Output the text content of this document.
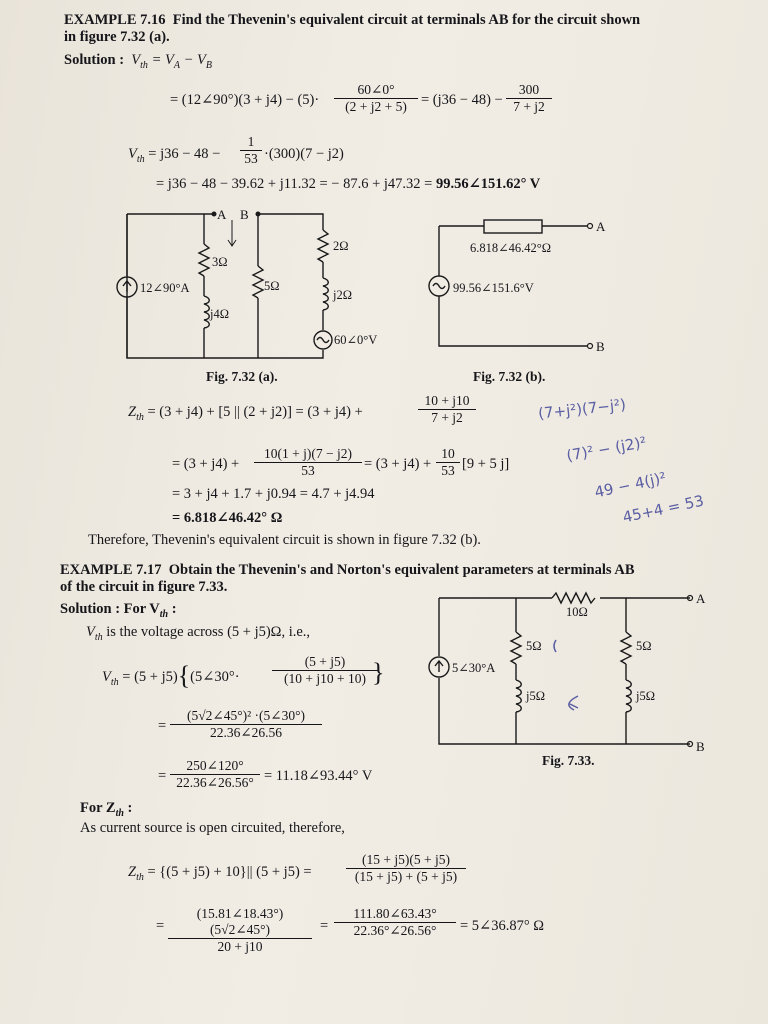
EXAMPLE 7.16 Find the Thevenin's equivalent circuit at terminals AB for the circuit shown
in figure 7.32 (a).
Solution : $V_{th} = V_A - V_B$
= (12∠90°)(3 + $j4) - (5)\cdot \frac{60\angle 0^\circ}{(2 + j2 + 5)} = (j36 - 48) - \frac{300}{7 + j2}$
$V_{th} = j36 - 48 - \frac{1}{53} \cdot(300)(7 - j2)$
= j36 − 48 − 39.62 + j11.32 = − 87.6 + j47.32 = 99.56∠151.62° V
A B
3Ω
12∠90°A
j4Ω
5Ω
2Ω
j2Ω
60∠0°V
Fig. 7.32 (a).
A
B
6.818∠46.42°Ω
99.56∠151.6°V
Fig. 7.32 (b).
$Z_{th} = (3 + j4) + [5$ || (2 + j2)] = (3 + j4) +	$\frac{10 + j10}{7 + j2}$
= $(3 + j4) + \frac{10(1 + j)(7 - j2)}{53} = (3 + j4) + \frac{10}{53} [9 + 5$ j]
= 3 + j4 + 1.7 + j0.94 = 4.7 + j4.94
= 6.818∠46.42° Ω
Therefore, Thevenin's equivalent circuit is shown in figure 7.32 (b).
(7+j²)(7−j²)
(7)² − (j2)²
49 − 4(j)²
45+4 = 53
EXAMPLE 7.17 Obtain the Thevenin's and Norton's equivalent parameters at terminals AB
of the circuit in figure 7.33.
Solution : For $V_{th}$ :
$V_{th}$ is the voltage across (5 + j5)Ω, i.e.,
$V_{th} = (5$ + j5){(5∠30°· $\frac{(5 + j5)}{(10 + j10 + 10)}$
}
= $\frac{\text{(5√2∠45°)² ·(5∠30°)}}{22.36\angle 26.56}$
= $\frac{250\angle 120^\circ}{22.36\angle 26.56^\circ}$ = 11.18∠93.44° V
For $Z_{th}$ :
As current source is open circuited, therefore,
$Z_{th} = \{(5 + j5) + 10\}||$ (5 + j5) =	$\frac{(15 + j5)(5 + j5)}{(15 + j5) + (5 + j5)}$
= $\frac{(15.81\angle 18.43^\circ)(5√2\angle 45^\circ)}{20 + j10} = \frac{111.80\angle 63.43^\circ}{22.36^\circ\angle 26.56^\circ}$ = 5∠36.87° Ω
A
B
10Ω
5Ω	5Ω
5∠30°A
j5Ω	j5Ω
Fig. 7.33.
